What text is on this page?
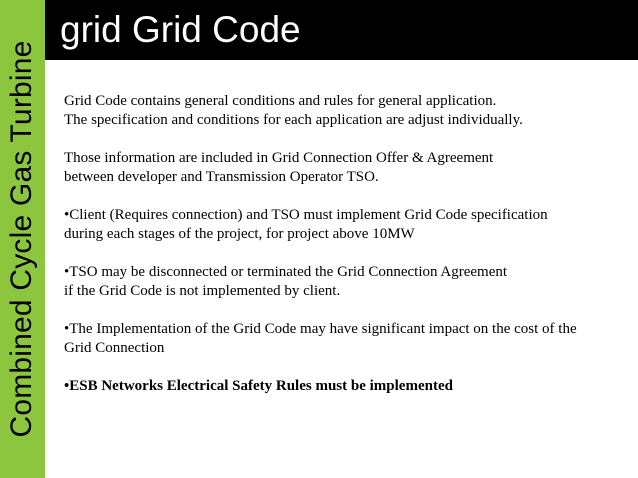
Combined Cycle Gas Turbine
grid Grid Code
Grid Code contains general conditions and rules for general application.
The specification and conditions for each application are adjust individually.
Those information are included in Grid Connection Offer & Agreement
between developer and Transmission Operator TSO.
•Client (Requires connection) and TSO must implement Grid Code specification
during each stages of the project, for project above 10MW
•TSO may be disconnected or terminated the Grid Connection Agreement
if the Grid Code is not implemented by client.
•The Implementation of the Grid Code may have significant impact on the cost of the
Grid Connection
•ESB Networks Electrical Safety Rules must be implemented
